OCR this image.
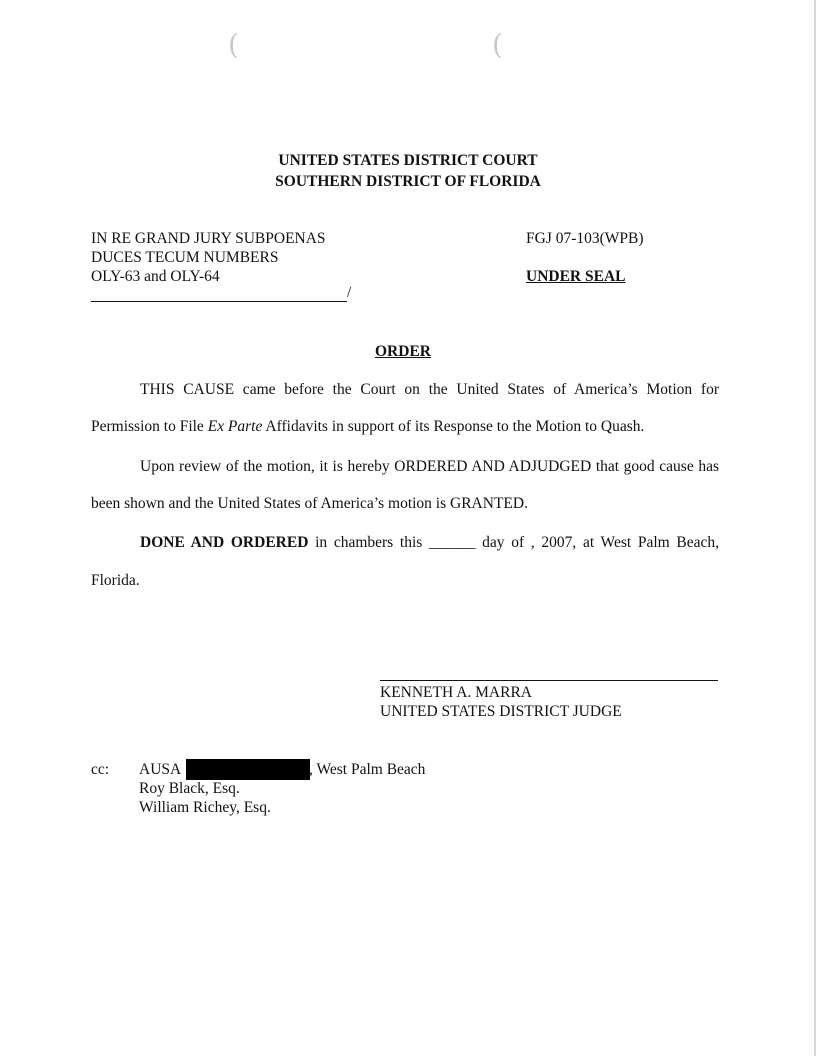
(	(
UNITED STATES DISTRICT COURT
SOUTHERN DISTRICT OF FLORIDA
IN RE GRAND JURY SUBPOENAS
DUCES TECUM NUMBERS
OLY-63 and OLY-64
/
FGJ 07-103(WPB)
UNDER SEAL
ORDER
THIS CAUSE came before the Court on the United States of America’s Motion for
Permission to File Ex Parte Affidavits in support of its Response to the Motion to Quash.
Upon review of the motion, it is hereby ORDERED AND ADJUDGED that good cause has
been shown and the United States of America’s motion is GRANTED.
DONE AND ORDERED in chambers this ______ day of , 2007, at West Palm Beach,
Florida.
KENNETH A. MARRA
UNITED STATES DISTRICT JUDGE
cc: AUSA	, West Palm Beach
Roy Black, Esq.
William Richey, Esq.
